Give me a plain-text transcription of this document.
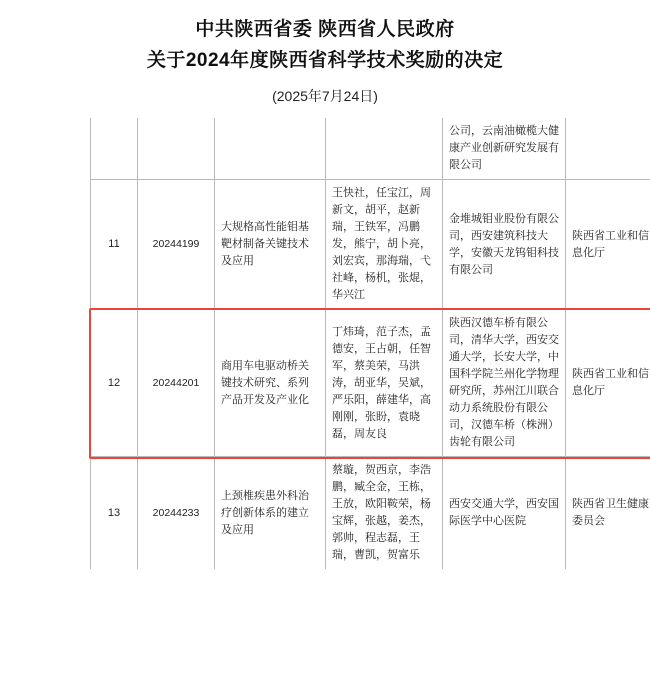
中共陕西省委 陕西省人民政府
关于2024年度陕西省科学技术奖励的决定
(2025年7月24日)
				公司，云南油橄榄大健康产业创新研究发展有限公司	
11	20244199	大规格高性能钼基靶材制备关键技术及应用	王快社，任宝江，周新文，胡平，赵新瑞，王铁军，冯鹏发，熊宁，胡卜亮，刘宏宾，那海瑞，弋社峰，杨机，张焜，华兴江	金堆城钼业股份有限公司，西安建筑科技大学，安徽天龙钨钼科技有限公司	陕西省工业和信息化厅
12	20244201	商用车电驱动桥关键技术研究、系列产品开发及产业化	丁炜琦，范子杰，孟德安，王占朝，任智军，蔡美荣，马洪涛，胡亚华，吴斌，严乐阳，薛建华，高刚刚，张盼，袁晓磊，周友良	陕西汉德车桥有限公司，清华大学，西安交通大学，长安大学，中国科学院兰州化学物理研究所，苏州江川联合动力系统股份有限公司，汉德车桥（株洲）齿轮有限公司	陕西省工业和信息化厅
13	20244233	上颈椎疾患外科治疗创新体系的建立及应用	蔡璇，贺西京，李浩鹏，臧全金，王栋，王放，欧阳鞍荣，杨宝辉，张越，姜杰，郭帅，程志磊，王瑞，曹凯，贺富乐	西安交通大学，西安国际医学中心医院	陕西省卫生健康委员会
